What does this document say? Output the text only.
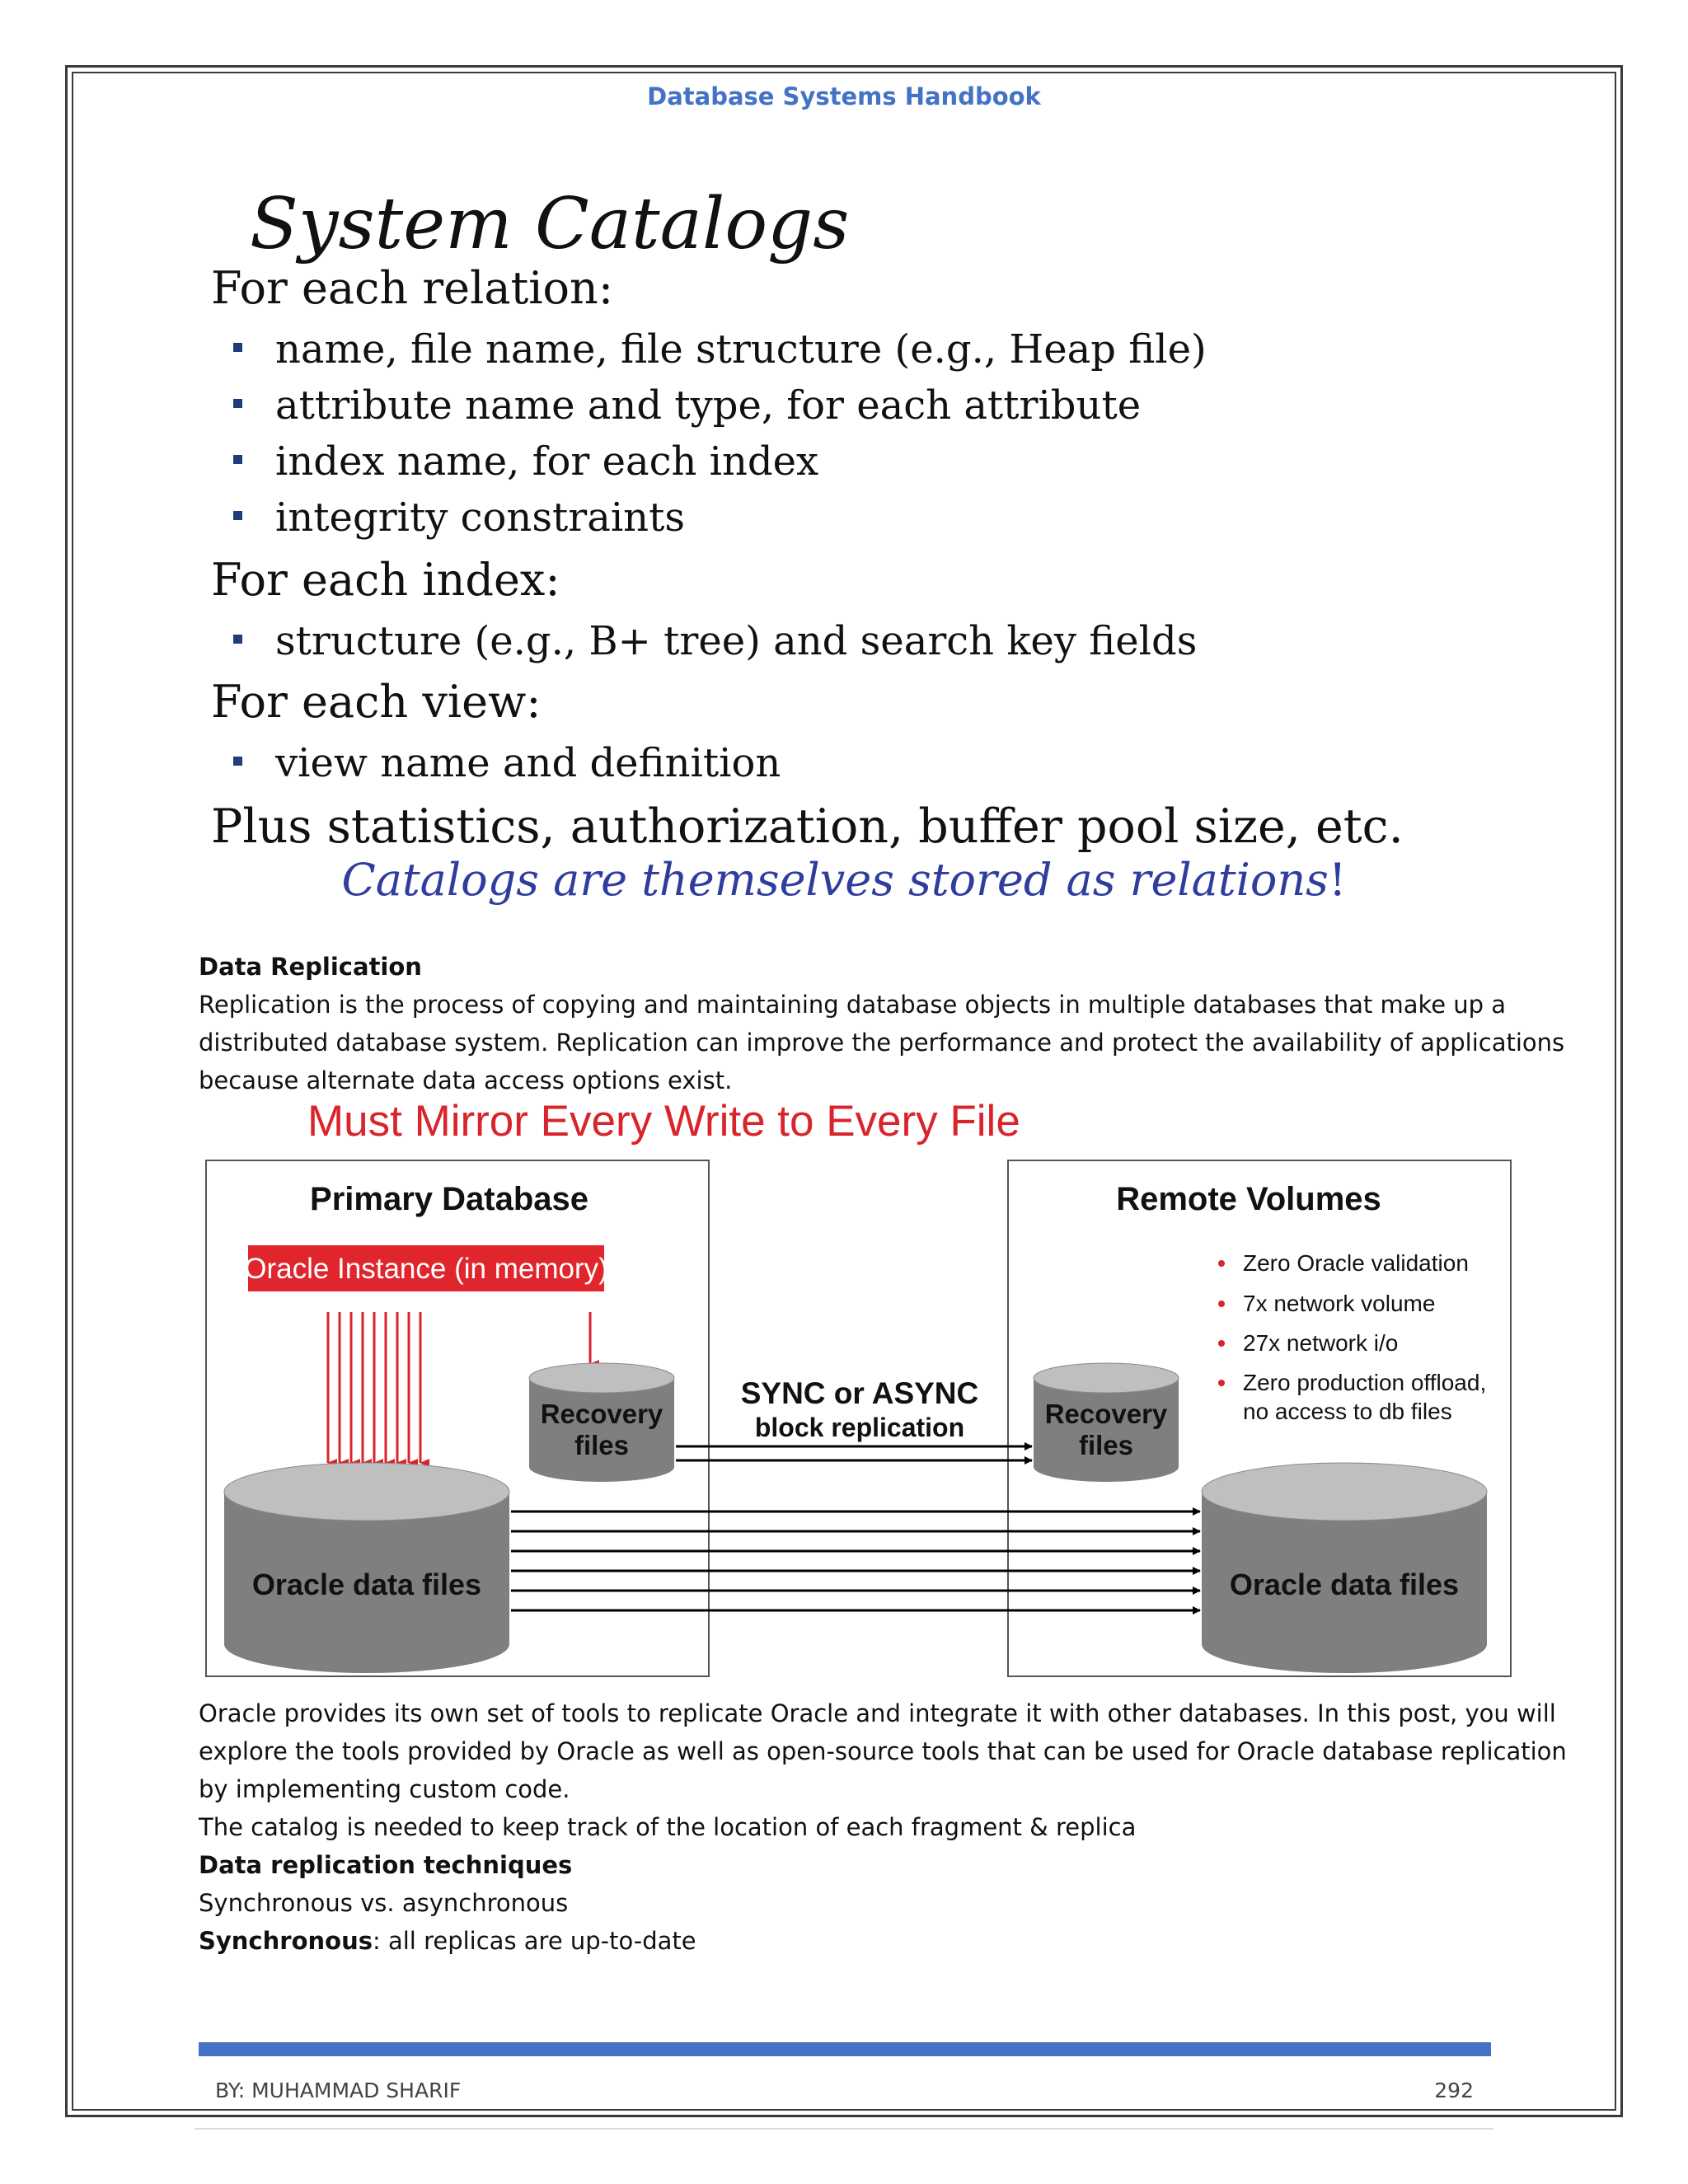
Database Systems Handbook
System Catalogs
For each relation:
name, file name, file structure (e.g., Heap file)
attribute name and type, for each attribute
index name, for each index
integrity constraints
For each index:
structure (e.g., B+ tree) and search key fields
For each view:
view name and definition
Plus statistics, authorization, buffer pool size, etc.
Catalogs are themselves stored as relations!
Data Replication
Replication is the process of copying and maintaining database objects in multiple databases that make up a
distributed database system. Replication can improve the performance and protect the availability of applications
because alternate data access options exist.
Must Mirror Every Write to Every File
Primary Database
Oracle Instance (in memory)
Recovery
files
Oracle data files
Remote Volumes
Zero Oracle validation
7x network volume
27x network i/o
Zero production offload,
no access to db files
Recovery
files
Oracle data files
SYNC or ASYNC
block replication
Oracle provides its own set of tools to replicate Oracle and integrate it with other databases. In this post, you will
explore the tools provided by Oracle as well as open-source tools that can be used for Oracle database replication
by implementing custom code.
The catalog is needed to keep track of the location of each fragment & replica
Data replication techniques
Synchronous vs. asynchronous
Synchronous: all replicas are up-to-date
BY: MUHAMMAD SHARIF	292
